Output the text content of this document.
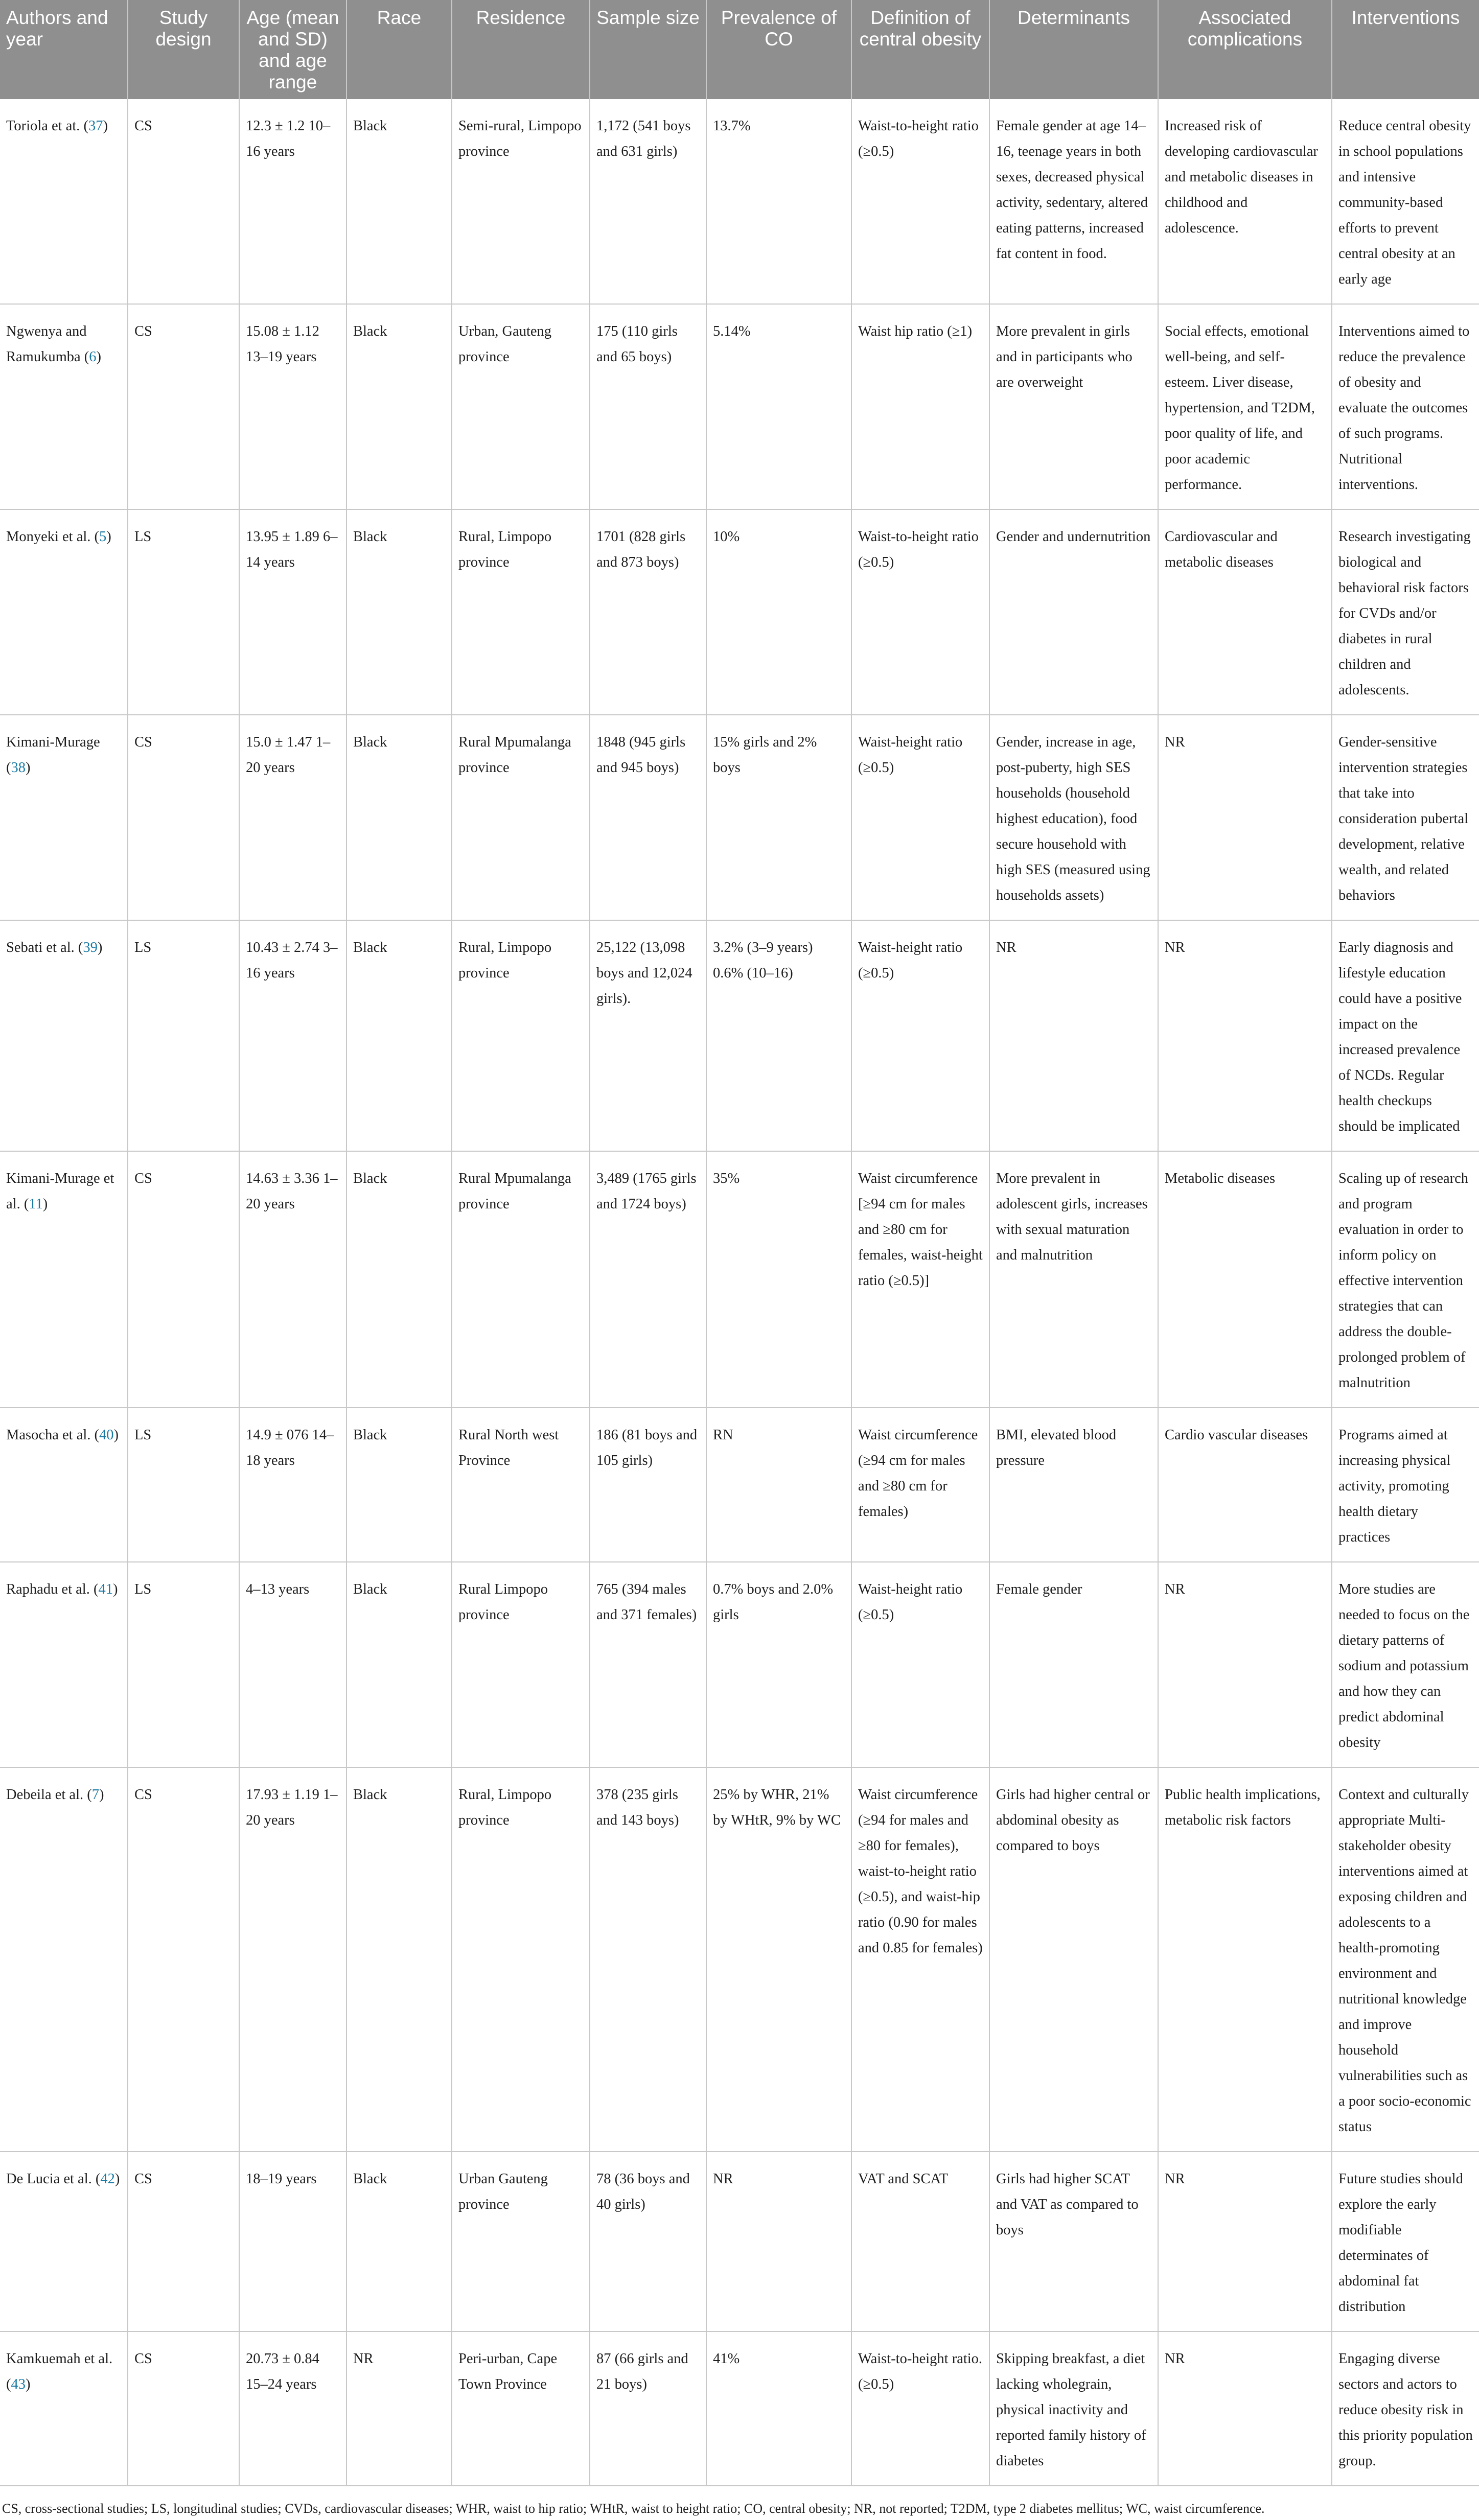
Authors and year	Study design	Age (mean and SD) and age range	Race	Residence	Sample size	Prevalence of CO	Definition of central obesity	Determinants	Associated complications	Interventions
Toriola et at. (37)	CS	12.3 ± 1.2 10–16 years	Black	Semi-rural, Limpopo province	1,172 (541 boys and 631 girls)	13.7%	Waist-to-height ratio (≥0.5)	Female gender at age 14–16, teenage years in both sexes, decreased physical activity, sedentary, altered eating patterns, increased fat content in food.	Increased risk of developing cardiovascular and metabolic diseases in childhood and adolescence.	Reduce central obesity in school populations and intensive community-based efforts to prevent central obesity at an early age
Ngwenya and Ramukumba (6)	CS	15.08 ± 1.12 13–19 years	Black	Urban, Gauteng province	175 (110 girls and 65 boys)	5.14%	Waist hip ratio (≥1)	More prevalent in girls and in participants who are overweight	Social effects, emotional well-being, and self-esteem. Liver disease, hypertension, and T2DM, poor quality of life, and poor academic performance.	Interventions aimed to reduce the prevalence of obesity and evaluate the outcomes of such programs. Nutritional interventions.
Monyeki et al. (5)	LS	13.95 ± 1.89 6–14 years	Black	Rural, Limpopo province	1701 (828 girls and 873 boys)	10%	Waist-to-height ratio (≥0.5)	Gender and undernutrition	Cardiovascular and metabolic diseases	Research investigating biological and behavioral risk factors for CVDs and/or diabetes in rural children and adolescents.
Kimani-Murage (38)	CS	15.0 ± 1.47 1–20 years	Black	Rural Mpumalanga province	1848 (945 girls and 945 boys)	15% girls and 2% boys	Waist-height ratio (≥0.5)	Gender, increase in age, post-puberty, high SES households (household highest education), food secure household with high SES (measured using households assets)	NR	Gender-sensitive intervention strategies that take into consideration pubertal development, relative wealth, and related behaviors
Sebati et al. (39)	LS	10.43 ± 2.74 3–16 years	Black	Rural, Limpopo province	25,122 (13,098 boys and 12,024 girls).	3.2% (3–9 years) 0.6% (10–16)	Waist-height ratio (≥0.5)	NR	NR	Early diagnosis and lifestyle education could have a positive impact on the increased prevalence of NCDs. Regular health checkups should be implicated
Kimani-Murage et al. (11)	CS	14.63 ± 3.36 1–20 years	Black	Rural Mpumalanga province	3,489 (1765 girls and 1724 boys)	35%	Waist circumference [≥94 cm for males and ≥80 cm for females, waist-height ratio (≥0.5)]	More prevalent in adolescent girls, increases with sexual maturation and malnutrition	Metabolic diseases	Scaling up of research and program evaluation in order to inform policy on effective intervention strategies that can address the double-prolonged problem of malnutrition
Masocha et al. (40)	LS	14.9 ± 076 14–18 years	Black	Rural North west Province	186 (81 boys and 105 girls)	RN	Waist circumference (≥94 cm for males and ≥80 cm for females)	BMI, elevated blood pressure	Cardio vascular diseases	Programs aimed at increasing physical activity, promoting health dietary practices
Raphadu et al. (41)	LS	4–13 years	Black	Rural Limpopo province	765 (394 males and 371 females)	0.7% boys and 2.0% girls	Waist-height ratio (≥0.5)	Female gender	NR	More studies are needed to focus on the dietary patterns of sodium and potassium and how they can predict abdominal obesity
Debeila et al. (7)	CS	17.93 ± 1.19 1–20 years	Black	Rural, Limpopo province	378 (235 girls and 143 boys)	25% by WHR, 21% by WHtR, 9% by WC	Waist circumference (≥94 for males and ≥80 for females), waist-to-height ratio (≥0.5), and waist-hip ratio (0.90 for males and 0.85 for females)	Girls had higher central or abdominal obesity as compared to boys	Public health implications, metabolic risk factors	Context and culturally appropriate Multi-stakeholder obesity interventions aimed at exposing children and adolescents to a health-promoting environment and nutritional knowledge and improve household vulnerabilities such as a poor socio-economic status
De Lucia et al. (42)	CS	18–19 years	Black	Urban Gauteng province	78 (36 boys and 40 girls)	NR	VAT and SCAT	Girls had higher SCAT and VAT as compared to boys	NR	Future studies should explore the early modifiable determinates of abdominal fat distribution
Kamkuemah et al. (43)	CS	20.73 ± 0.84 15–24 years	NR	Peri-urban, Cape Town Province	87 (66 girls and 21 boys)	41%	Waist-to-height ratio. (≥0.5)	Skipping breakfast, a diet lacking wholegrain, physical inactivity and reported family history of diabetes	NR	Engaging diverse sectors and actors to reduce obesity risk in this priority population group.
CS, cross-sectional studies; LS, longitudinal studies; CVDs, cardiovascular diseases; WHR, waist to hip ratio; WHtR, waist to height ratio; CO, central obesity; NR, not reported; T2DM, type 2 diabetes mellitus; WC, waist circumference.
